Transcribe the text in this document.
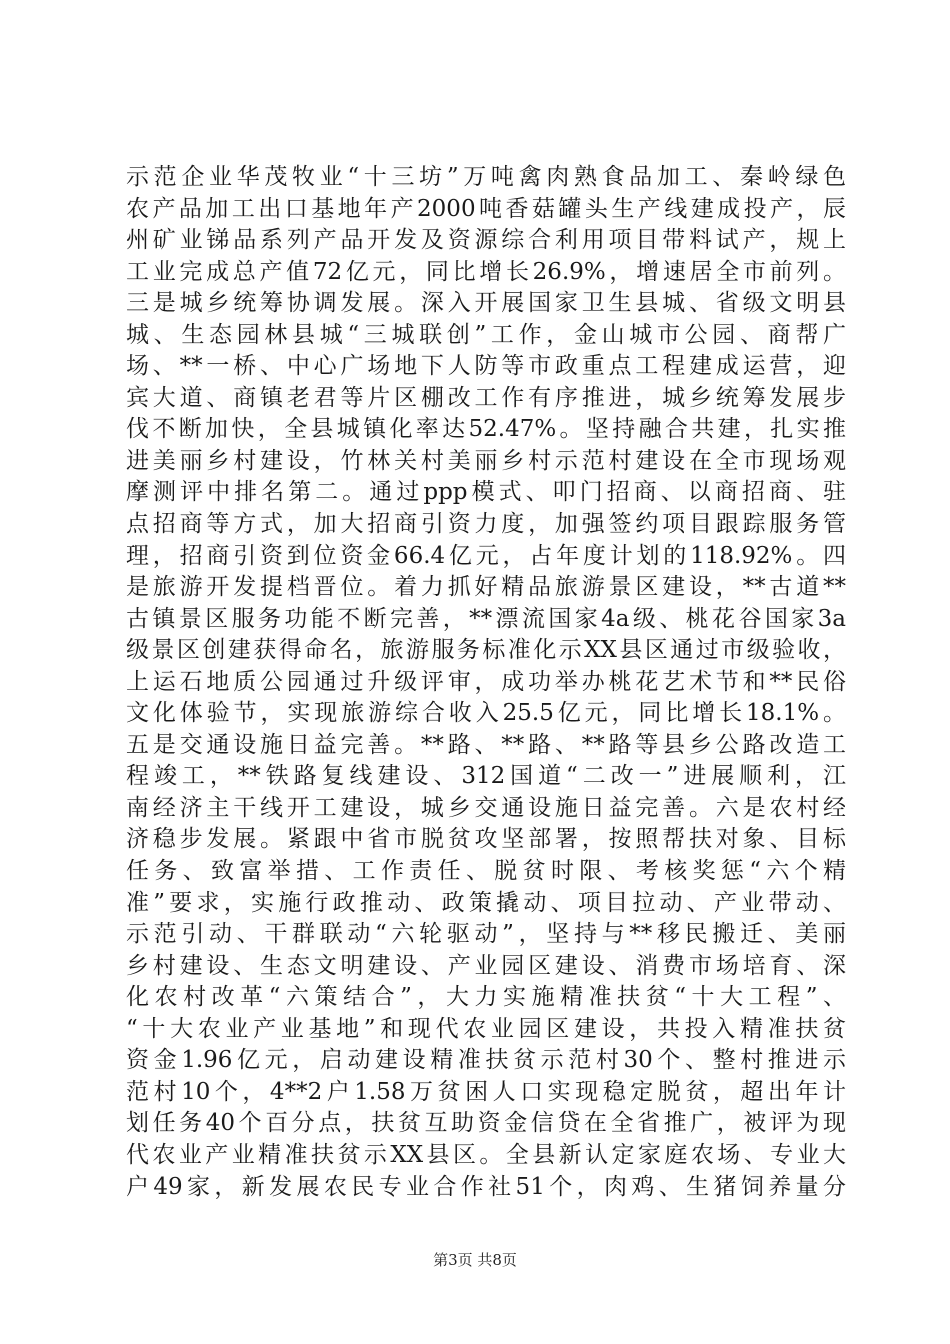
示范企业华茂牧业“十三坊”万吨禽肉熟食品加工、秦岭绿色
农产品加工出口基地年产2000吨香菇罐头生产线建成投产，辰
州矿业锑品系列产品开发及资源综合利用项目带料试产，规上
工业完成总产值72亿元，同比增长26.9%，增速居全市前列。
三是城乡统筹协调发展。深入开展国家卫生县城、省级文明县
城、生态园林县城“三城联创”工作，金山城市公园、商帮广
场、**一桥、中心广场地下人防等市政重点工程建成运营，迎
宾大道、商镇老君等片区棚改工作有序推进，城乡统筹发展步
伐不断加快，全县城镇化率达52.47%。坚持融合共建，扎实推
进美丽乡村建设，竹林关村美丽乡村示范村建设在全市现场观
摩测评中排名第二。通过ppp模式、叩门招商、以商招商、驻
点招商等方式，加大招商引资力度，加强签约项目跟踪服务管
理，招商引资到位资金66.4亿元，占年度计划的118.92%。四
是旅游开发提档晋位。着力抓好精品旅游景区建设，**古道**
古镇景区服务功能不断完善，**漂流国家4a级、桃花谷国家3a
级景区创建获得命名，旅游服务标准化示XX县区通过市级验收，
上运石地质公园通过升级评审，成功举办桃花艺术节和**民俗
文化体验节，实现旅游综合收入25.5亿元，同比增长18.1%。
五是交通设施日益完善。**路、**路、**路等县乡公路改造工
程竣工，**铁路复线建设、312国道“二改一”进展顺利，江
南经济主干线开工建设，城乡交通设施日益完善。六是农村经
济稳步发展。紧跟中省市脱贫攻坚部署，按照帮扶对象、目标
任务、致富举措、工作责任、脱贫时限、考核奖惩“六个精
准”要求，实施行政推动、政策撬动、项目拉动、产业带动、
示范引动、干群联动“六轮驱动”，坚持与**移民搬迁、美丽
乡村建设、生态文明建设、产业园区建设、消费市场培育、深
化农村改革“六策结合”，大力实施精准扶贫“十大工程”、
“十大农业产业基地”和现代农业园区建设，共投入精准扶贫
资金1.96亿元，启动建设精准扶贫示范村30个、整村推进示
范村10个，4**2户1.58万贫困人口实现稳定脱贫，超出年计
划任务40个百分点，扶贫互助资金信贷在全省推广，被评为现
代农业产业精准扶贫示XX县区。全县新认定家庭农场、专业大
户49家，新发展农民专业合作社51个，肉鸡、生猪饲养量分
第3页 共8页
